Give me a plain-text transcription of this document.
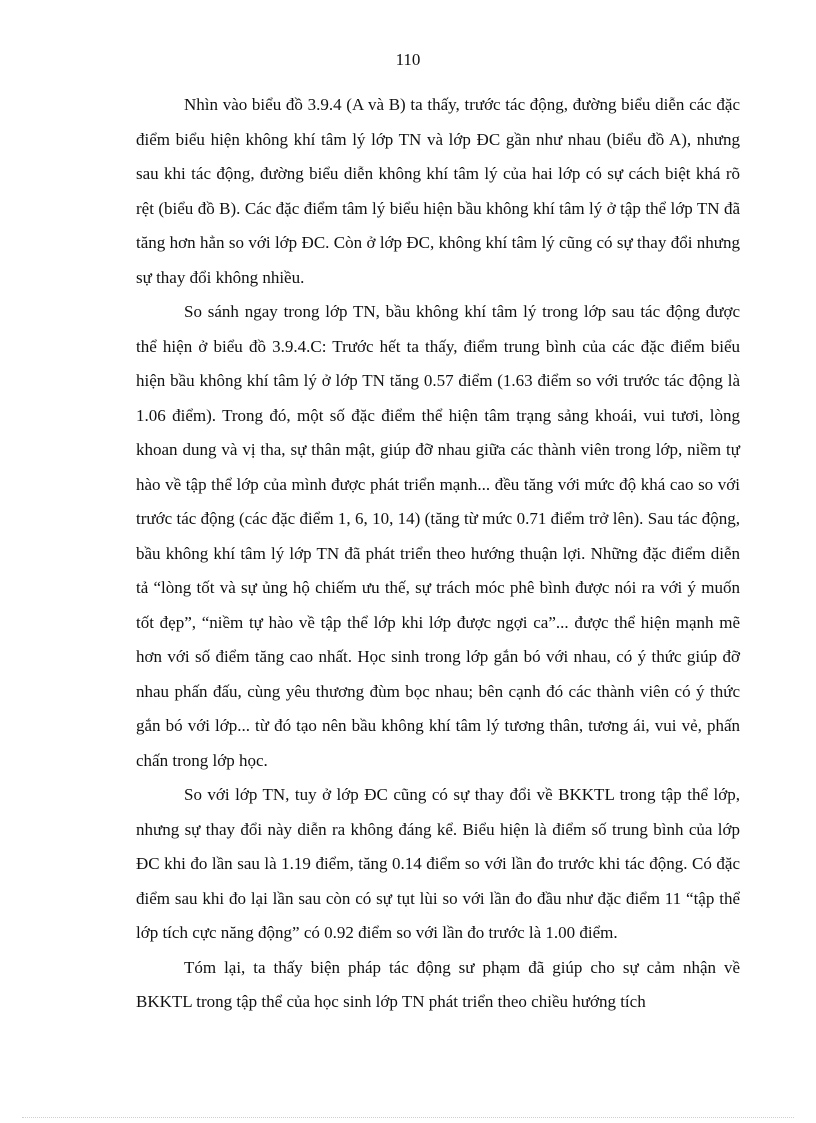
110

Nhìn vào biểu đồ 3.9.4 (A và B) ta thấy, trước tác động, đường biểu diễn các đặc điểm biểu hiện không khí tâm lý lớp TN và lớp ĐC gần như nhau (biểu đồ A), nhưng sau khi tác động, đường biểu diễn không khí tâm lý của hai lớp có sự cách biệt khá rõ rệt (biểu đồ B). Các đặc điểm tâm lý biểu hiện bầu không khí tâm lý ở tập thể lớp TN đã tăng hơn hẳn so với lớp ĐC. Còn ở lớp ĐC, không khí tâm lý cũng có sự thay đổi nhưng sự thay đổi không nhiều.

So sánh ngay trong lớp TN, bầu không khí tâm lý trong lớp sau tác động được thể hiện ở biểu đồ 3.9.4.C: Trước hết ta thấy, điểm trung bình của các đặc điểm biểu hiện bầu không khí tâm lý ở lớp TN tăng 0.57 điểm (1.63 điểm so với trước tác động là 1.06 điểm). Trong đó, một số đặc điểm thể hiện tâm trạng sảng khoái, vui tươi, lòng khoan dung và vị tha, sự thân mật, giúp đỡ nhau giữa các thành viên trong lớp, niềm tự hào về tập thể lớp của mình được phát triển mạnh... đều tăng với mức độ khá cao so với trước tác động (các đặc điểm 1, 6, 10, 14) (tăng từ mức 0.71 điểm trở lên). Sau tác động, bầu không khí tâm lý lớp TN đã phát triển theo hướng thuận lợi. Những đặc điểm diễn tả “lòng tốt và sự ủng hộ chiếm ưu thế, sự trách móc phê bình được nói ra với ý muốn tốt đẹp”, “niềm tự hào về tập thể lớp khi lớp được ngợi ca”... được thể hiện mạnh mẽ hơn với số điểm tăng cao nhất. Học sinh trong lớp gắn bó với nhau, có ý thức giúp đỡ nhau phấn đấu, cùng yêu thương đùm bọc nhau; bên cạnh đó các thành viên có ý thức gắn bó với lớp... từ đó tạo nên bầu không khí tâm lý tương thân, tương ái, vui vẻ, phấn chấn trong lớp học.

So với lớp TN, tuy ở lớp ĐC cũng có sự thay đổi về BKKTL trong tập thể lớp, nhưng sự thay đổi này diễn ra không đáng kể. Biểu hiện là điểm số trung bình của lớp ĐC khi đo lần sau là 1.19 điểm, tăng 0.14 điểm so với lần đo trước khi tác động. Có đặc điểm sau khi đo lại lần sau còn có sự tụt lùi so với lần đo đầu như đặc điểm 11 “tập thể lớp tích cực năng động” có 0.92 điểm so với lần đo trước là 1.00 điểm.

Tóm lại, ta thấy biện pháp tác động sư phạm đã giúp cho sự cảm nhận về BKKTL trong tập thể của học sinh lớp TN phát triển theo chiều hướng tích
